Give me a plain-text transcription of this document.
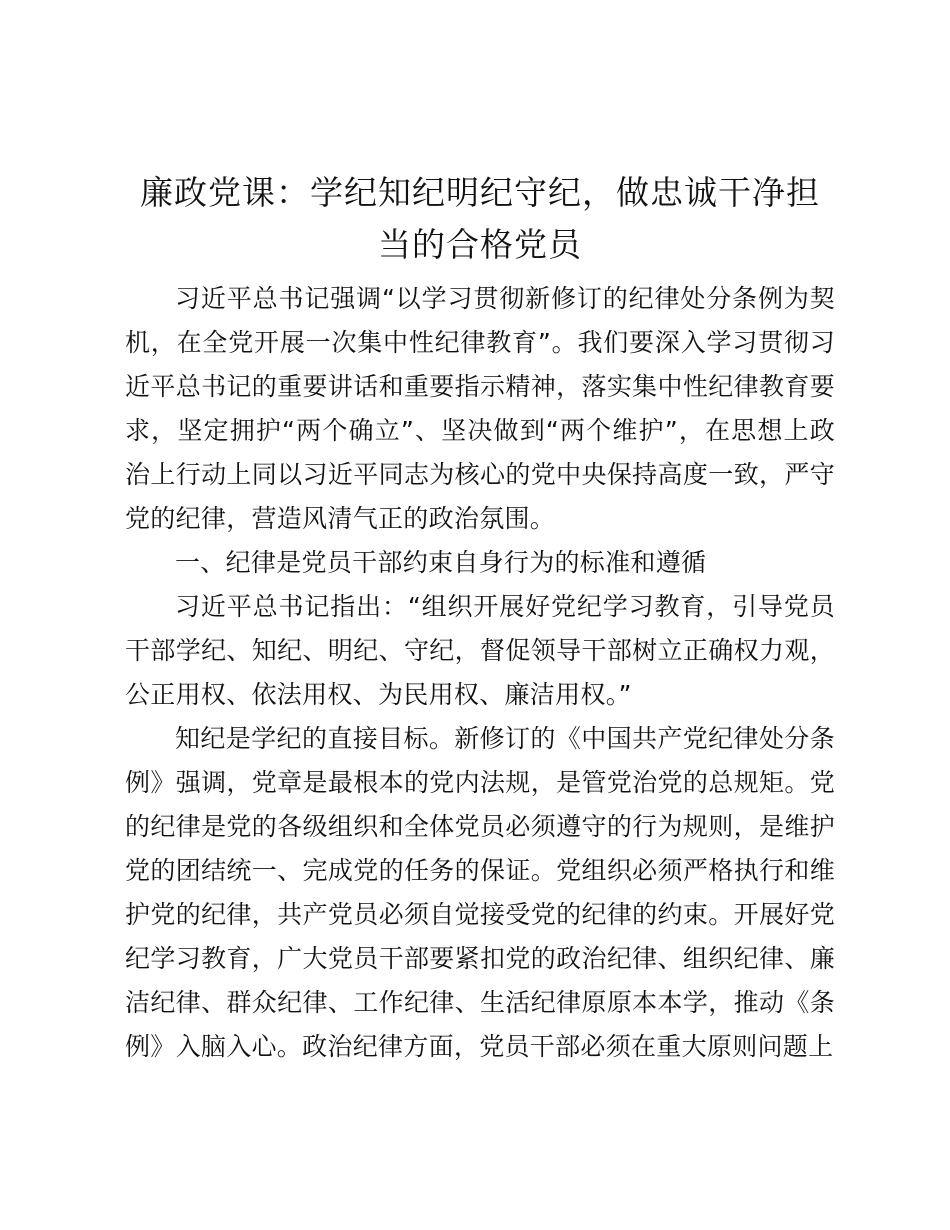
廉政党课：学纪知纪明纪守纪，做忠诚干净担当的合格党员

习近平总书记强调“以学习贯彻新修订的纪律处分条例为契机，在全党开展一次集中性纪律教育”。我们要深入学习贯彻习近平总书记的重要讲话和重要指示精神，落实集中性纪律教育要求，坚定拥护“两个确立”、坚决做到“两个维护”，在思想上政治上行动上同以习近平同志为核心的党中央保持高度一致，严守党的纪律，营造风清气正的政治氛围。

一、纪律是党员干部约束自身行为的标准和遵循

习近平总书记指出：“组织开展好党纪学习教育，引导党员干部学纪、知纪、明纪、守纪，督促领导干部树立正确权力观，公正用权、依法用权、为民用权、廉洁用权。”

知纪是学纪的直接目标。新修订的《中国共产党纪律处分条例》强调，党章是最根本的党内法规，是管党治党的总规矩。党的纪律是党的各级组织和全体党员必须遵守的行为规则，是维护党的团结统一、完成党的任务的保证。党组织必须严格执行和维护党的纪律，共产党员必须自觉接受党的纪律的约束。开展好党纪学习教育，广大党员干部要紧扣党的政治纪律、组织纪律、廉洁纪律、群众纪律、工作纪律、生活纪律原原本本学，推动《条例》入脑入心。政治纪律方面，党员干部必须在重大原则问题上
